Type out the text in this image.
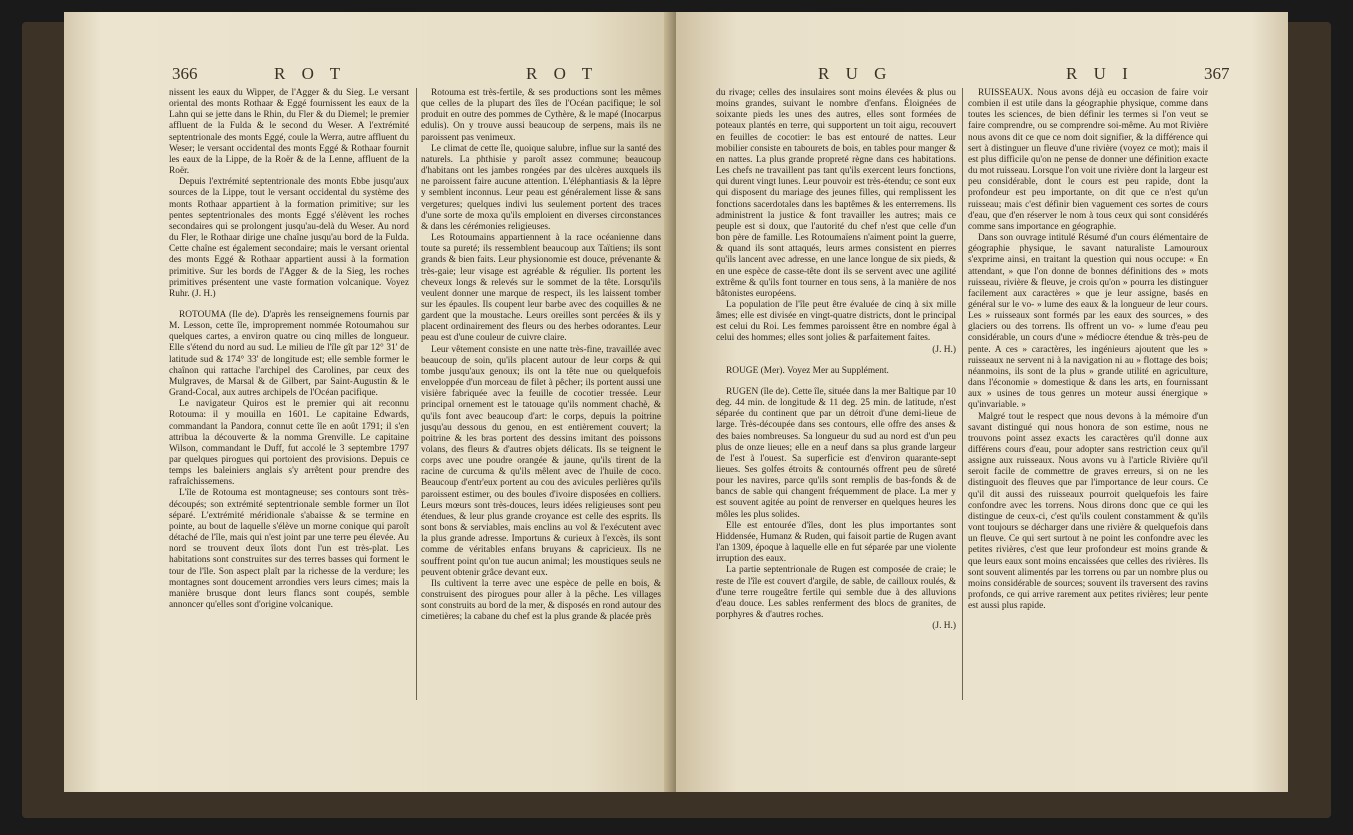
366	R O T	R O T

nissent les eaux du Wipper, de l'Agger & du Sieg. Le versant oriental des monts Rothaar & Eggé fournissent les eaux de la Lahn qui se jette dans le Rhin, du Fler & du Diemel; le premier affluent de la Fulda & le second du Weser. A l'extrémité septentrionale des monts Eggé, coule la Werra, autre affluent du Weser; le versant occidental des monts Eggé & Rothaar fournit les eaux de la Lippe, de la Roër & de la Lenne, affluent de la Roër.

Depuis l'extrémité septentrionale des monts Ebbe jusqu'aux sources de la Lippe, tout le versant occidental du système des monts Rothaar appartient à la formation primitive; sur les pentes septentrionales des monts Eggé s'élèvent les roches secondaires qui se prolongent jusqu'au-delà du Weser. Au nord du Fler, le Rothaar dirige une chaîne jusqu'au bord de la Fulda. Cette chaîne est également secondaire; mais le versant oriental des monts Eggé & Rothaar appartient aussi à la formation primitive. Sur les bords de l'Agger & de la Sieg, les roches primitives présentent une vaste formation volcanique. Voyez Ruhr. (J. H.)

ROTOUMA (Ile de). D'après les renseignemens fournis par M. Lesson, cette île, improprement nommée Rotoumahou sur quelques cartes, a environ quatre ou cinq milles de longueur. Elle s'étend du nord au sud. Le milieu de l'île gît par 12° 31' de latitude sud & 174° 33' de longitude est; elle semble former le chaînon qui rattache l'archipel des Carolines, par ceux des Mulgraves, de Marsal & de Gilbert, par Saint-Augustin & le Grand-Cocal, aux autres archipels de l'Océan pacifique.

Le navigateur Quiros est le premier qui ait reconnu Rotouma: il y mouilla en 1601. Le capitaine Edwards, commandant la Pandora, connut cette île en août 1791; il s'en attribua la découverte & la nomma Grenville. Le capitaine Wilson, commandant le Duff, fut accolé le 3 septembre 1797 par quelques pirogues qui portoient des provisions. Depuis ce temps les baleiniers anglais s'y arrêtent pour prendre des rafraîchissemens.

L'île de Rotouma est montagneuse; ses contours sont très-découpés; son extrémité septentrionale semble former un îlot séparé. L'extrémité méridionale s'abaisse & se termine en pointe, au bout de laquelle s'élève un morne conique qui paroît détaché de l'île, mais qui n'est joint par une terre peu élevée. Au nord se trouvent deux îlots dont l'un est très-plat. Les habitations sont construites sur des terres basses qui forment le tour de l'île. Son aspect plaît par la richesse de la verdure; les montagnes sont doucement arrondies vers leurs cimes; mais la manière brusque dont leurs flancs sont coupés, semble annoncer qu'elles sont d'origine volcanique.

Rotouma est très-fertile, & ses productions sont les mêmes que celles de la plupart des îles de l'Océan pacifique; le sol produit en outre des pommes de Cythère, & le mapé (Inocarpus edulis). On y trouve aussi beaucoup de serpens, mais ils ne paroissent pas venimeux.

Le climat de cette île, quoique salubre, influe sur la santé des naturels. La phthisie y paroît assez commune; beaucoup d'habitans ont les jambes rongées par des ulcères auxquels ils ne paroissent faire aucune attention. L'éléphantiasis & la lèpre y semblent inconnus. Leur peau est généralement lisse & sans vergetures; quelques indivi lus seulement portent des traces d'une sorte de moxa qu'ils emploient en diverses circonstances & dans les cérémonies religieuses.

Les Rotoumains appartiennent à la race océanienne dans toute sa pureté; ils ressemblent beaucoup aux Taïtiens; ils sont grands & bien faits. Leur physionomie est douce, prévenante & très-gaie; leur visage est agréable & régulier. Ils portent les cheveux longs & relevés sur le sommet de la tête. Lorsqu'ils veulent donner une marque de respect, ils les laissent tomber sur les épaules. Ils coupent leur barbe avec des coquilles & ne gardent que la moustache. Leurs oreilles sont percées & ils y placent ordinairement des fleurs ou des herbes odorantes. Leur peau est d'une couleur de cuivre claire.

Leur vêtement consiste en une natte très-fine, travaillée avec beaucoup de soin, qu'ils placent autour de leur corps & qui tombe jusqu'aux genoux; ils ont la tête nue ou quelquefois enveloppée d'un morceau de filet à pêcher; ils portent aussi une visière fabriquée avec la feuille de cocotier tressée. Leur principal ornement est le tatouage qu'ils nomment chachè, & qu'ils font avec beaucoup d'art: le corps, depuis la poitrine jusqu'au dessous du genou, en est entièrement couvert; la poitrine & les bras portent des dessins imitant des poissons volans, des fleurs & d'autres objets délicats. Ils se teignent le corps avec une poudre orangée & jaune, qu'ils tirent de la racine de curcuma & qu'ils mêlent avec de l'huile de coco. Beaucoup d'entr'eux portent au cou des avicules perlières qu'ils paroissent estimer, ou des boules d'ivoire disposées en colliers. Leurs mœurs sont très-douces, leurs idées religieuses sont peu étendues, & leur plus grande croyance est celle des esprits. Ils sont bons & serviables, mais enclins au vol & l'exécutent avec la plus grande adresse. Importuns & curieux à l'excès, ils sont comme de véritables enfans bruyans & capricieux. Ils ne souffrent point qu'on tue aucun animal; les moustiques seuls ne peuvent obtenir grâce devant eux.

Ils cultivent la terre avec une espèce de pelle en bois, & construisent des pirogues pour aller à la pêche. Les villages sont construits au bord de la mer, & disposés en rond autour des cimetières; la cabane du chef est la plus grande & placée près

R U G	R U I	367

du rivage; celles des insulaires sont moins élevées & plus ou moins grandes, suivant le nombre d'enfans. Éloignées de soixante pieds les unes des autres, elles sont formées de poteaux plantés en terre, qui supportent un toit aigu, recouvert en feuilles de cocotier: le bas est entouré de nattes. Leur mobilier consiste en tabourets de bois, en tables pour manger & en nattes. La plus grande propreté règne dans ces habitations. Les chefs ne travaillent pas tant qu'ils exercent leurs fonctions, qui durent vingt lunes. Leur pouvoir est très-étendu; ce sont eux qui disposent du mariage des jeunes filles, qui remplissent les fonctions sacerdotales dans les baptêmes & les enterremens. Ils administrent la justice & font travailler les autres; mais ce peuple est si doux, que l'autorité du chef n'est que celle d'un bon père de famille. Les Rotoumaïens n'aiment point la guerre, & quand ils sont attaqués, leurs armes consistent en pierres qu'ils lancent avec adresse, en une lance longue de six pieds, & en une espèce de casse-tête dont ils se servent avec une agilité extrême & qu'ils font tourner en tous sens, à la manière de nos bâtonistes européens.

La population de l'île peut être évaluée de cinq à six mille âmes; elle est divisée en vingt-quatre districts, dont le principal est celui du Roi. Les femmes paroissent être en nombre égal à celui des hommes; elles sont jolies & parfaitement faites.

(J. H.)

ROUGE (Mer). Voyez Mer au Supplément.

RUGEN (île de). Cette île, située dans la mer Baltique par 10 deg. 44 min. de longitude & 11 deg. 25 min. de latitude, n'est séparée du continent que par un détroit d'une demi-lieue de large. Très-découpée dans ses contours, elle offre des anses & des baies nombreuses. Sa longueur du sud au nord est d'un peu plus de onze lieues; elle en a neuf dans sa plus grande largeur de l'est à l'ouest. Sa superficie est d'environ quarante-sept lieues. Ses golfes étroits & contournés offrent peu de sûreté pour les navires, parce qu'ils sont remplis de bas-fonds & de bancs de sable qui changent fréquemment de place. La mer y est souvent agitée au point de renverser en quelques heures les môles les plus solides.

Elle est entourée d'îles, dont les plus importantes sont Hiddensée, Humanz & Ruden, qui faisoit partie de Rugen avant l'an 1309, époque à laquelle elle en fut séparée par une violente irruption des eaux.

La partie septentrionale de Rugen est composée de craie; le reste de l'île est couvert d'argile, de sable, de cailloux roulés, & d'une terre rougeâtre fertile qui semble due à des alluvions d'eau douce. Les sables renferment des blocs de granites, de porphyres & d'autres roches.

(J. H.)

RUISSEAUX. Nous avons déjà eu occasion de faire voir combien il est utile dans la géographie physique, comme dans toutes les sciences, de bien définir les termes si l'on veut se faire comprendre, ou se comprendre soi-même. Au mot Rivière nous avons dit ce que ce nom doit signifier, & la différence qui sert à distinguer un fleuve d'une rivière (voyez ce mot); mais il est plus difficile qu'on ne pense de donner une définition exacte du mot ruisseau. Lorsque l'on voit une rivière dont la largeur est peu considérable, dont le cours est peu rapide, dont la profondeur est peu importante, on dit que ce n'est qu'un ruisseau; mais c'est définir bien vaguement ces sortes de cours d'eau, que d'en réserver le nom à tous ceux qui sont considérés comme sans importance en géographie.

Dans son ouvrage intitulé Résumé d'un cours élémentaire de géographie physique, le savant naturaliste Lamouroux s'exprime ainsi, en traitant la question qui nous occupe: « En attendant, » que l'on donne de bonnes définitions des » mots ruisseau, rivière & fleuve, je crois qu'on » pourra les distinguer facilement aux caractères » que je leur assigne, basés en général sur le vo- » lume des eaux & la longueur de leur cours. Les » ruisseaux sont formés par les eaux des sources, » des glaciers ou des torrens. Ils offrent un vo- » lume d'eau peu considérable, un cours d'une » médiocre étendue & très-peu de pente. A ces » caractères, les ingénieurs ajoutent que les » ruisseaux ne servent ni à la navigation ni au » flottage des bois; néanmoins, ils sont de la plus » grande utilité en agriculture, dans l'économie » domestique & dans les arts, en fournissant aux » usines de tous genres un moteur aussi énergique » qu'invariable. »

Malgré tout le respect que nous devons à la mémoire d'un savant distingué qui nous honora de son estime, nous ne trouvons point assez exacts les caractères qu'il donne aux différens cours d'eau, pour adopter sans restriction ceux qu'il assigne aux ruisseaux. Nous avons vu à l'article Rivière qu'il seroit facile de commettre de graves erreurs, si on ne les distinguoit des fleuves que par l'importance de leur cours. Ce qu'il dit aussi des ruisseaux pourroit quelquefois les faire confondre avec les torrens. Nous dirons donc que ce qui les distingue de ceux-ci, c'est qu'ils coulent constamment & qu'ils vont toujours se décharger dans une rivière & quelquefois dans un fleuve. Ce qui sert surtout à ne point les confondre avec les petites rivières, c'est que leur profondeur est moins grande & que leurs eaux sont moins encaissées que celles des rivières. Ils sont souvent alimentés par les torrens ou par un nombre plus ou moins considérable de sources; souvent ils traversent des ravins profonds, ce qui arrive rarement aux petites rivières; leur pente est aussi plus rapide.
